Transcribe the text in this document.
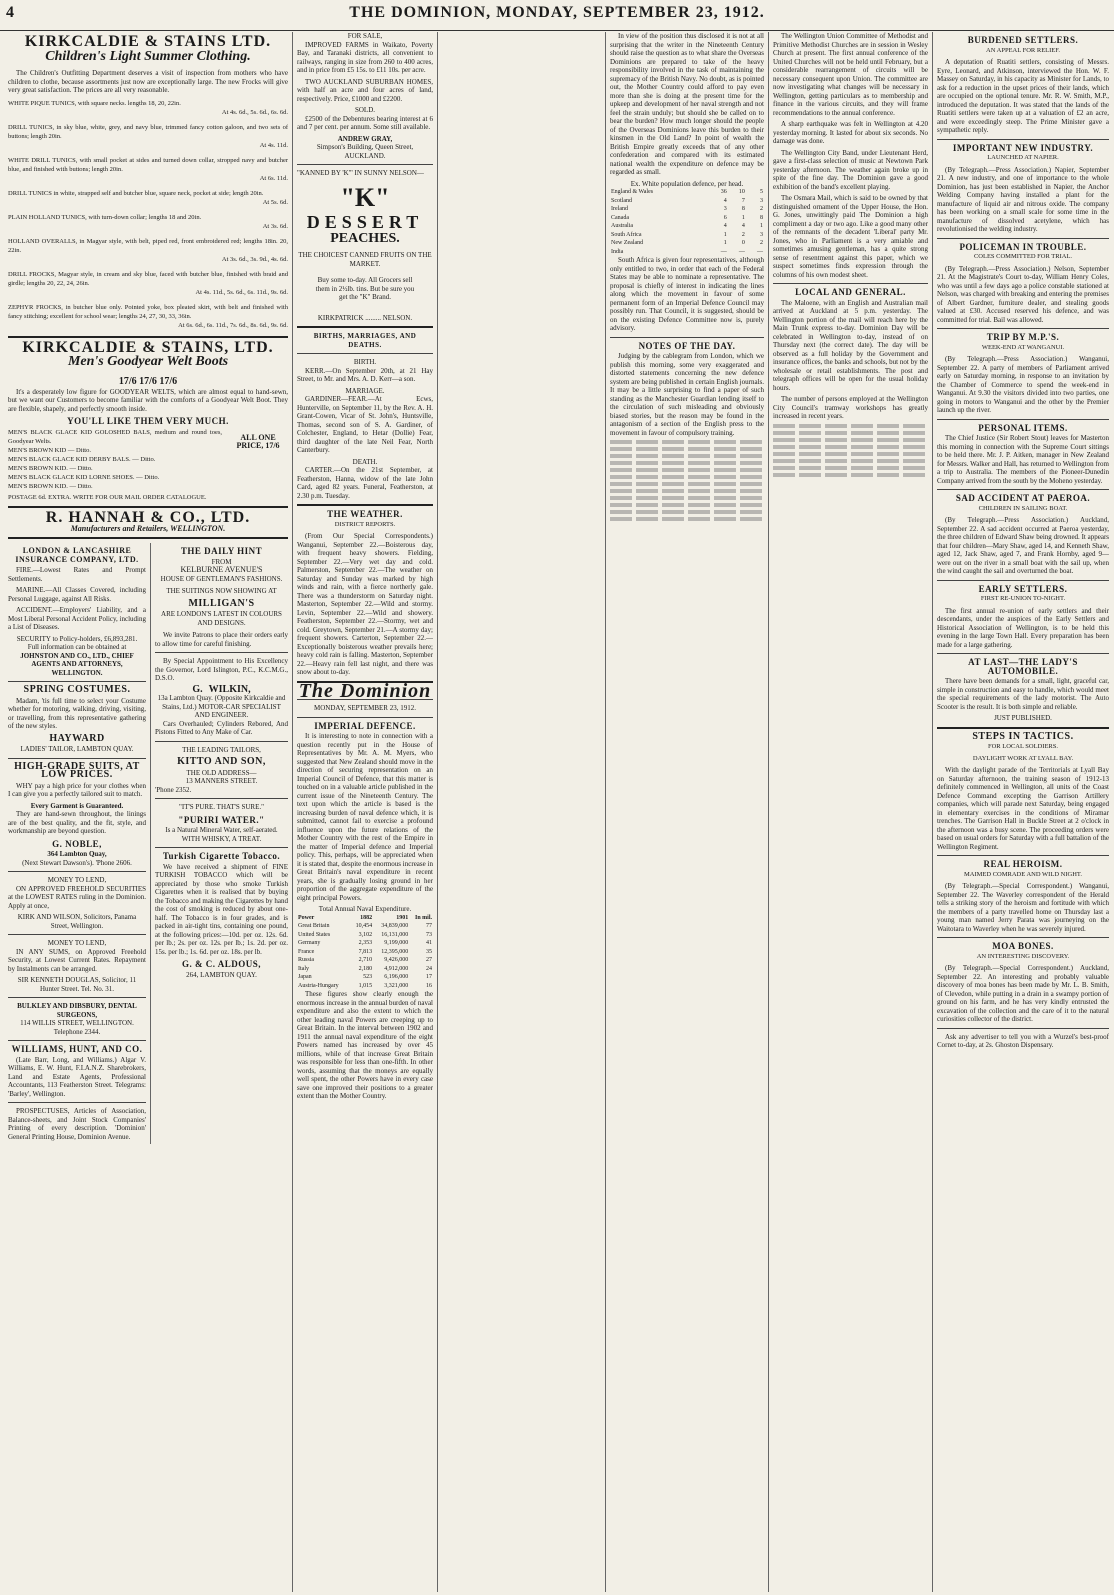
4	THE DOMINION, MONDAY, SEPTEMBER 23, 1912.
KIRKCALDIE & STAINS LTD.
Children's Light Summer Clothing.

The Children's Outfitting Department deserves a visit of inspection from mothers who have children to clothe, because assortments just now are exceptionally large. The new Frocks will give very great satisfaction. The prices are all very reasonable.

WHITE PIQUE TUNICS, with square necks. lengths 18, 20, 22in.
At 4s. 6d., 5s. 6d., 6s. 6d.
DRILL TUNICS, in sky blue, white, grey, and navy blue, trimmed fancy cotton galoon, and two sets of buttons; length 20in.
At 4s. 11d.
WHITE DRILL TUNICS, with small pocket at sides and turned down collar, stropped navy and butcher blue, and finished with buttons; length 20in.
At 6s. 11d.
DRILL TUNICS in white, strapped self and butcher blue, square neck, pocket at side; length 20in.
At 5s. 6d.
PLAIN HOLLAND TUNICS, with turn-down collar; lengths 18 and 20in.
At 3s. 6d.
HOLLAND OVERALLS, in Magyar style, with belt, piped red, front embroidered red; lengths 18in. 20, 22in.
At 3s. 6d., 3s. 9d., 4s. 6d.
DRILL FROCKS, Magyar style, in cream and sky blue, faced with butcher blue, finished with braid and girdle; lengths 20, 22, 24, 26in.
At 4s. 11d., 5s. 6d., 6s. 11d., 9s. 6d.
ZEPHYR FROCKS, in butcher blue only. Pointed yoke, box pleated skirt, with belt and finished with fancy stitching; excellent for school wear; lengths 24, 27, 30, 33, 36in.
At 6s. 6d., 6s. 11d., 7s. 6d., 8s. 6d., 9s. 6d.
KIRKCALDIE & STAINS, LTD.
Men's Goodyear Welt Boots
17/6 17/6 17/6

It's a desperately low figure for GOODYEAR WELTS, which are almost equal to hand-sewn, but we want our Customers to become familiar with the comforts of a Goodyear Welt Boot. They are flexible, shapely, and perfectly smooth inside.

YOU'LL LIKE THEM VERY MUCH.
MEN'S BLACK GLACE KID GOLOSHED BALS, medium and round toes, Goodyear Welts.
MEN'S BROWN KID — Ditto.
MEN'S BLACK GLACE KID DERBY BALS. — Ditto.
MEN'S BROWN KID. — Ditto.
MEN'S BLACK GLACE KID LORNE SHOES. — Ditto.
MEN'S BROWN KID. — Ditto.
ALL ONE PRICE, 17/6
POSTAGE 6d. EXTRA. WRITE FOR OUR MAIL ORDER CATALOGUE.
R. HANNAH & CO., LTD.
Manufacturers and Retailers, WELLINGTON.
LONDON & LANCASHIRE INSURANCE COMPANY, LTD.

FIRE.—Lowest Rates and Prompt Settlements.

MARINE.—All Classes Covered, including Personal Luggage, against All Risks.

ACCIDENT.—Employers' Liability, and a Most Liberal Personal Accident Policy, including a List of Diseases.

SECURITY to Policy-holders, £6,893,281.
Full information can be obtained at
JOHNSTON AND CO., LTD., CHIEF AGENTS AND ATTORNEYS, WELLINGTON.
SPRING COSTUMES.

Madam, 'tis full time to select your Costume whether for motoring, walking, driving, visiting, or travelling, from this representative gathering of the new styles.

HAYWARD
LADIES' TAILOR, LAMBTON QUAY.
HIGH-GRADE SUITS, AT LOW PRICES.

WHY pay a high price for your clothes when I can give you a perfectly tailored suit to match.

Every Garment is Guaranteed.

They are hand-sewn throughout, the linings are of the best quality, and the fit, style, and workmanship are beyond question.

G. NOBLE,
364 Lambton Quay,
(Next Stewart Dawson's). 'Phone 2606.
MONEY TO LEND,

ON APPROVED FREEHOLD SECURITIES at the LOWEST RATES ruling in the Dominion. Apply at once,

KIRK AND WILSON, Solicitors, Panama Street, Wellington.
MONEY TO LEND,

IN ANY SUMS, on Approved Freehold Security, at Lowest Current Rates. Repayment by Instalments can be arranged.

SIR KENNETH DOUGLAS, Solicitor, 11 Hunter Street. Tel. No. 31.
BULKLEY AND DIBSBURY, DENTAL SURGEONS,
114 WILLIS STREET, WELLINGTON. Telephone 2344.
WILLIAMS, HUNT, AND CO.

(Late Barr, Long, and Williams.) Algar V. Williams, E. W. Hunt, F.I.A.N.Z. Sharebrokers, Land and Estate Agents, Professional Accountants, 113 Featherston Street. Telegrams: 'Barley', Wellington.

PROSPECTUSES, Articles of Association, Balance-sheets, and Joint Stock Companies' Printing of every description. 'Dominion' General Printing House, Dominion Avenue.

THE DAILY HINT
FROM
KELBURNE AVENUE'S
HOUSE OF GENTLEMAN'S FASHIONS.
THE SUITINGS NOW SHOWING AT
MILLIGAN'S
ARE LONDON'S LATEST IN COLOURS AND DESIGNS.

We invite Patrons to place their orders early to allow time for careful finishing.

By Special Appointment to His Excellency the Governor, Lord Islington, P.C., K.C.M.G., D.S.O.

G. WILKIN,
13a Lambton Quay. (Opposite Kirkcaldie and Stains, Ltd.) MOTOR-CAR SPECIALIST AND ENGINEER.

Cars Overhauled; Cylinders Rebored, And Pistons Fitted to Any Make of Car.

THE LEADING TAILORS,
KITTO AND SON,
THE OLD ADDRESS—
13 MANNERS STREET.
'Phone 2352.
"IT'S PURE. THAT'S SURE."
"PURIRI WATER."
Is a Natural Mineral Water, self-aerated.
WITH WHISKY, A TREAT.
Turkish Cigarette Tobacco.

We have received a shipment of FINE TURKISH TOBACCO which will be appreciated by those who smoke Turkish Cigarettes when it is realised that by buying the Tobacco and making the Cigarettes by hand the cost of smoking is reduced by about one-half. The Tobacco is in four grades, and is packed in air-tight tins, containing one pound, at the following prices:—10d. per oz. 12s. 6d. per lb.; 2s. per oz. 12s. per lb.; 1s. 2d. per oz. 15s. per lb.; 1s. 6d. per oz. 18s. per lb.

G. & C. ALDOUS,
264, LAMBTON QUAY.
FOR SALE,

IMPROVED FARMS in Waikato, Poverty Bay, and Taranaki districts, all convenient to railways, ranging in size from 260 to 400 acres, and in price from £5 15s. to £11 10s. per acre.

TWO AUCKLAND SUBURBAN HOMES, with half an acre and four acres of land, respectively. Price, £1000 and £2200.

SOLD.

£2500 of the Debentures bearing interest at 6 and 7 per cent. per annum. Some still available.

ANDREW GRAY,
Simpson's Building, Queen Street, AUCKLAND.
"KANNED BY 'K'" IN SUNNY NELSON—
"K"
DESSERT
PEACHES.
THE CHOICEST CANNED FRUITS ON THE MARKET.
Buy some to-day. All Grocers sell them in 2½lb. tins. But be sure you get the "K" Brand.
KIRKPATRICK ......... NELSON.
BIRTHS, MARRIAGES, AND DEATHS.
BIRTH.

KERR.—On September 20th, at 21 Hay Street, to Mr. and Mrs. A. D. Kerr—a son.

MARRIAGE.

GARDINER—FEAR.—At Ecws, Hunterville, on September 11, by the Rev. A. H. Grant-Cowen, Vicar of St. John's, Huntsville, Thomas, second son of S. A. Gardiner, of Colchester, England, to Hetar (Dollie) Fear, third daughter of the late Neil Fear, North Canterbury.

DEATH.

CARTER.—On the 21st September, at Featherston, Hanna, widow of the late John Card, aged 82 years. Funeral, Featherston, at 2.30 p.m. Tuesday.

THE WEATHER.
DISTRICT REPORTS.

(From Our Special Correspondents.) Wanganui, September 22.—Boisterous day, with frequent heavy showers. Fielding, September 22.—Very wet day and cold. Palmerston, September 22.—The weather on Saturday and Sunday was marked by high winds and rain, with a fierce northerly gale. There was a thunderstorm on Saturday night. Masterton, September 22.—Wild and stormy. Levin, September 22.—Wild and showery. Featherston, September 22.—Stormy, wet and cold. Greytown, September 21.—A stormy day; frequent showers. Carterton, September 22.—Exceptionally boisterous weather prevails here; heavy cold rain is falling. Masterton, September 22.—Heavy rain fell last night, and there was snow about to-day.

The Dominion
MONDAY, SEPTEMBER 23, 1912.
IMPERIAL DEFENCE.

It is interesting to note in connection with a question recently put in the House of Representatives by Mr. A. M. Myers, who suggested that New Zealand should move in the direction of securing representation on an Imperial Council of Defence, that this matter is touched on in a valuable article published in the current issue of the Nineteenth Century. The text upon which the article is based is the increasing burden of naval defence which, it is submitted, cannot fail to exercise a profound influence upon the future relations of the Mother Country with the rest of the Empire in the matter of Imperial defence and Imperial policy. This, perhaps, will be appreciated when it is stated that, despite the enormous increase in Great Britain's naval expenditure in recent years, she is gradually losing ground in her proportion of the aggregate expenditure of the eight principal Powers.

Total Annual Naval Expenditure.
Power	1882	1901	In mil.
Great Britain	10,454	34,839,000	77
United States	3,102	16,131,000	73
Germany	2,353	9,199,000	41
France	7,813	12,395,000	35
Russia	2,710	9,426,000	27
Italy	2,180	4,912,000	24
Japan	523	6,196,000	17
Austria-Hungary	1,015	3,321,000	16

These figures show clearly enough the enormous increase in the annual burden of naval expenditure and also the extent to which the other leading naval Powers are creeping up to Great Britain. In the interval between 1902 and 1911 the annual naval expenditure of the eight Powers named has increased by over 45 millions, while of that increase Great Britain was responsible for less than one-fifth. In other words, assuming that the moneys are equally well spent, the other Powers have in every case save one improved their positions to a greater extent than the Mother Country.

In view of the position thus disclosed it is not at all surprising that the writer in the Nineteenth Century should raise the question as to what share the Overseas Dominions are prepared to take of the heavy responsibility involved in the task of maintaining the supremacy of the British Navy. No doubt, as is pointed out, the Mother Country could afford to pay even more than she is doing at the present time for the upkeep and development of her naval strength and not feel the strain unduly; but should she be called on to bear the burden? How much longer should the people of the Overseas Dominions leave this burden to their kinsmen in the Old Land? In point of wealth the British Empire greatly exceeds that of any other confederation and compared with its estimated national wealth the expenditure on defence may be regarded as small.

Ex. White population defence, per head.
England & Wales	36	10	5
Scotland	4	7	3
Ireland	3	8	2
Canada	6	1	8
Australia	4	4	1
South Africa	1	2	3
New Zealand	1	0	2
India	—	—	—

South Africa is given four representatives, although only entitled to two, in order that each of the Federal States may be able to nominate a representative. The proposal is chiefly of interest in indicating the lines along which the movement in favour of some permanent form of an Imperial Defence Council may possibly run. That Council, it is suggested, should be on the existing Defence Committee now is, purely advisory.

NOTES OF THE DAY.

Judging by the cablegram from London, which we publish this morning, some very exaggerated and distorted statements concerning the new defence system are being published in certain English journals. It may be a little surprising to find a paper of such standing as the Manchester Guardian lending itself to the circulation of such misleading and obviously biased stories, but the reason may be found in the antagonism of a section of the English press to the movement in favour of compulsory training.

The Wellington Union Committee of Methodist and Primitive Methodist Churches are in session in Wesley Church at present. The first annual conference of the United Churches will not be held until February, but a considerable rearrangement of circuits will be necessary consequent upon Union. The committee are now investigating what changes will be necessary in Wellington, getting particulars as to membership and finance in the various circuits, and they will frame recommendations to the annual conference.

A sharp earthquake was felt in Wellington at 4.20 yesterday morning. It lasted for about six seconds. No damage was done.

The Wellington City Band, under Lieutenant Herd, gave a first-class selection of music at Newtown Park yesterday afternoon. The weather again broke up in spite of the fine day. The Dominion gave a good exhibition of the band's excellent playing.

The Osmara Mail, which is said to be owned by that distinguished ornament of the Upper House, the Hon. G. Jones, unwittingly paid The Dominion a high compliment a day or two ago. Like a good many other of the remnants of the decadent 'Liberal' party Mr. Jones, who in Parliament is a very amiable and sometimes amusing gentleman, has a quite strong sense of resentment against this paper, which we suspect sometimes finds expression through the columns of his own modest sheet.

LOCAL AND GENERAL.

The Maloene, with an English and Australian mail arrived at Auckland at 5 p.m. yesterday. The Wellington portion of the mail will reach here by the Main Trunk express to-day. Dominion Day will be celebrated in Wellington to-day, instead of on Thursday next (the correct date). The day will be observed as a full holiday by the Government and insurance offices, the banks and schools, but not by the wholesale or retail establishments. The post and telegraph offices will be open for the usual holiday hours.

The number of persons employed at the Wellington City Council's tramway workshops has greatly increased in recent years.

BURDENED SETTLERS.
AN APPEAL FOR RELIEF.

A deputation of Ruatiti settlers, consisting of Messrs. Eyre, Leonard, and Atkinson, interviewed the Hon. W. F. Massey on Saturday, in his capacity as Minister for Lands, to ask for a reduction in the upset prices of their lands, which are occupied on the optional tenure. Mr. R. W. Smith, M.P., introduced the deputation. It was stated that the lands of the Ruatiti settlers were taken up at a valuation of £2 an acre, and were exceedingly steep. The Prime Minister gave a sympathetic reply.

IMPORTANT NEW INDUSTRY.
LAUNCHED AT NAPIER.

(By Telegraph.—Press Association.) Napier, September 21. A new industry, and one of importance to the whole Dominion, has just been established in Napier, the Anchor Welding Company having installed a plant for the manufacture of liquid air and nitrous oxide. The company has been working on a small scale for some time in the manufacture of dissolved acetylene, which has revolutionised the welding industry.

POLICEMAN IN TROUBLE.
COLES COMMITTED FOR TRIAL.

(By Telegraph.—Press Association.) Nelson, September 21. At the Magistrate's Court to-day, William Henry Coles, who was until a few days ago a police constable stationed at Nelson, was charged with breaking and entering the premises of Albert Gardner, furniture dealer, and stealing goods valued at £30. Accused reserved his defence, and was committed for trial. Bail was allowed.

TRIP BY M.P.'S.
WEEK-END AT WANGANUI.

(By Telegraph.—Press Association.) Wanganui, September 22. A party of members of Parliament arrived early on Saturday morning, in response to an invitation by the Chamber of Commerce to spend the week-end in Wanganui. At 9.30 the visitors divided into two parties, one going in motors to Wanganui and the other by the Premier launch up the river.

PERSONAL ITEMS.

The Chief Justice (Sir Robert Stout) leaves for Masterton this morning in connection with the Supreme Court sittings to be held there. Mr. J. P. Aitken, manager in New Zealand for Messrs. Walker and Hall, has returned to Wellington from a trip to Australia. The members of the Pioneer-Dunedin Company arrived from the south by the Moheno yesterday.

SAD ACCIDENT AT PAEROA.
CHILDREN IN SAILING BOAT.

(By Telegraph.—Press Association.) Auckland, September 22. A sad accident occurred at Paeroa yesterday, the three children of Edward Shaw being drowned. It appears that four children—Mary Shaw, aged 14, and Kenneth Shaw, aged 12, Jack Shaw, aged 7, and Frank Hornby, aged 9—were out on the river in a small boat with the sail up, when the wind caught the sail and overturned the boat.

EARLY SETTLERS.
FIRST RE-UNION TO-NIGHT.

The first annual re-union of early settlers and their descendants, under the auspices of the Early Settlers and Historical Association of Wellington, is to be held this evening in the large Town Hall. Every preparation has been made for a large gathering.

AT LAST—THE LADY'S AUTOMOBILE.

There have been demands for a small, light, graceful car, simple in construction and easy to handle, which would meet the special requirements of the lady motorist. The Auto Scooter is the result. It is both simple and reliable.

JUST PUBLISHED.
STEPS IN TACTICS.
FOR LOCAL SOLDIERS.
DAYLIGHT WORK AT LYALL BAY.

With the daylight parade of the Territorials at Lyall Bay on Saturday afternoon, the training season of 1912-13 definitely commenced in Wellington, all units of the Coast Defence Command excepting the Garrison Artillery companies, which will parade next Saturday, being engaged in elementary exercises in the conditions of Miramar trenches. The Garrison Hall in Buckle Street at 2 o'clock in the afternoon was a busy scene. The proceeding orders were based on usual orders for Saturday with a full battalion of the Wellington Regiment.

REAL HEROISM.
MAIMED COMRADE AND WILD NIGHT.

(By Telegraph.—Special Correspondent.) Wanganui, September 22. The Waverley correspondent of the Herald tells a striking story of the heroism and fortitude with which the members of a party travelled home on Thursday last a young man named Jerry Parata was journeying on the Waitotara to Waverley when he was severely injured.

MOA BONES.
AN INTERESTING DISCOVERY.

(By Telegraph.—Special Correspondent.) Auckland, September 22. An interesting and probably valuable discovery of moa bones has been made by Mr. L. B. Smith, of Clevedon, while putting in a drain in a swampy portion of ground on his farm, and he has very kindly entrusted the excavation of the collection and the care of it to the natural curiosities collector of the district.

Ask any advertiser to tell you with a Wurzel's best-proof Cornet to-day, at 2s. Ghoston Dispensary.
